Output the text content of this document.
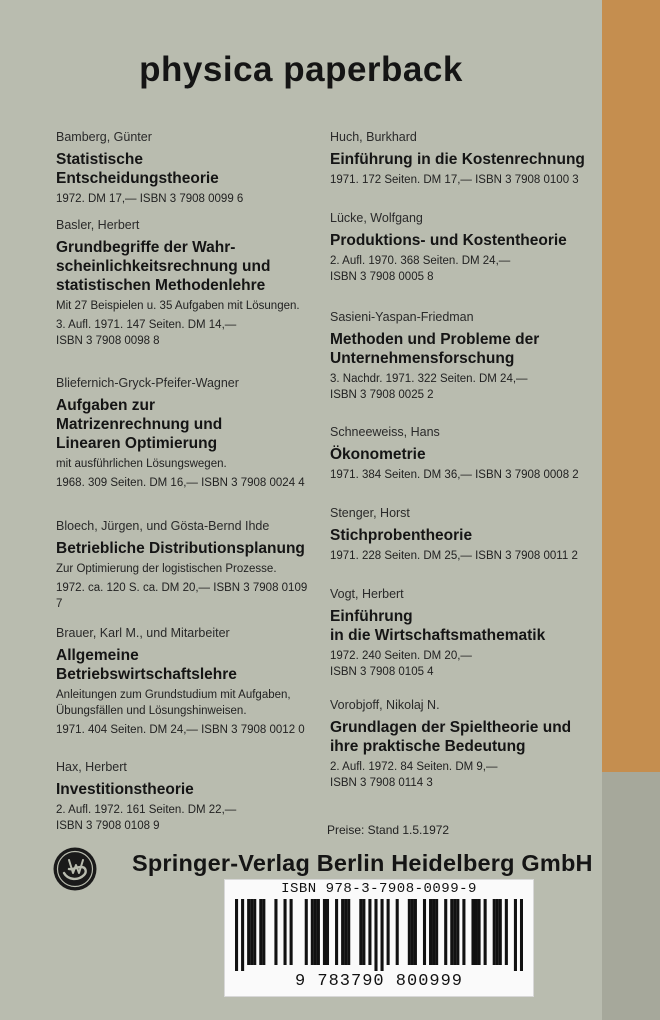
physica paperback
Bamberg, Günter
Statistische Entscheidungstheorie
1972. DM 17,— ISBN 3 7908 0099 6
Basler, Herbert
Grundbegriffe der Wahr-
scheinlichkeitsrechnung und
statistischen Methodenlehre
Mit 27 Beispielen u. 35 Aufgaben mit Lösungen.
3. Aufl. 1971. 147 Seiten. DM 14,—
ISBN 3 7908 0098 8
Bliefernich-Gryck-Pfeifer-Wagner
Aufgaben zur
Matrizenrechnung und
Linearen Optimierung
mit ausführlichen Lösungswegen.
1968. 309 Seiten. DM 16,— ISBN 3 7908 0024 4
Bloech, Jürgen, und Gösta-Bernd Ihde
Betriebliche Distributionsplanung
Zur Optimierung der logistischen Prozesse.
1972. ca. 120 S. ca. DM 20,— ISBN 3 7908 0109 7
Brauer, Karl M., und Mitarbeiter
Allgemeine
Betriebswirtschaftslehre
Anleitungen zum Grundstudium mit Aufgaben,
Übungsfällen und Lösungshinweisen.
1971. 404 Seiten. DM 24,— ISBN 3 7908 0012 0
Hax, Herbert
Investitionstheorie
2. Aufl. 1972. 161 Seiten. DM 22,—
ISBN 3 7908 0108 9
Huch, Burkhard
Einführung in die Kostenrechnung
1971. 172 Seiten. DM 17,— ISBN 3 7908 0100 3
Lücke, Wolfgang
Produktions- und Kostentheorie
2. Aufl. 1970. 368 Seiten. DM 24,—
ISBN 3 7908 0005 8
Sasieni-Yaspan-Friedman
Methoden und Probleme der
Unternehmensforschung
3. Nachdr. 1971. 322 Seiten. DM 24,—
ISBN 3 7908 0025 2
Schneeweiss, Hans
Ökonometrie
1971. 384 Seiten. DM 36,— ISBN 3 7908 0008 2
Stenger, Horst
Stichprobentheorie
1971. 228 Seiten. DM 25,— ISBN 3 7908 0011 2
Vogt, Herbert
Einführung
in die Wirtschaftsmathematik
1972. 240 Seiten. DM 20,—
ISBN 3 7908 0105 4
Vorobjoff, Nikolaj N.
Grundlagen der Spieltheorie und
ihre praktische Bedeutung
2. Aufl. 1972. 84 Seiten. DM 9,—
ISBN 3 7908 0114 3
Preise: Stand 1.5.1972
Springer-Verlag Berlin Heidelberg GmbH
ISBN 978-3-7908-0099-9
9 783790 800999
